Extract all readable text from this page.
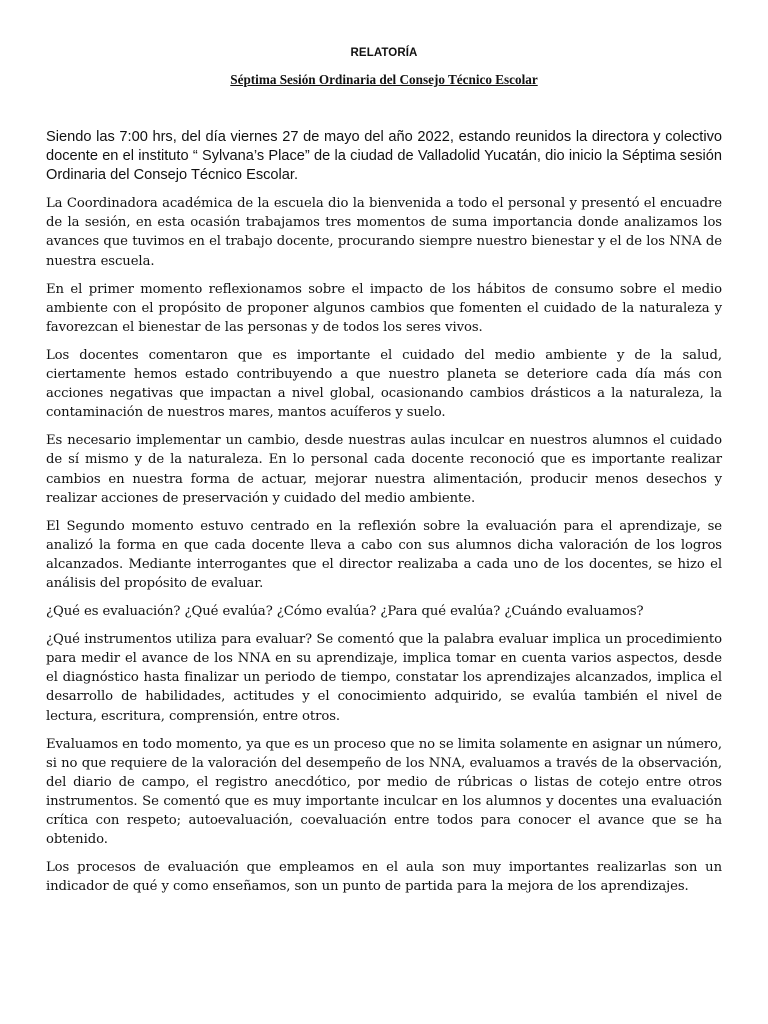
RELATORÍA
Séptima Sesión Ordinaria del Consejo Técnico Escolar

Siendo las 7:00 hrs, del día viernes 27 de mayo del año 2022, estando reunidos la directora y colectivo docente en el instituto “ Sylvana’s Place” de la ciudad de Valladolid Yucatán, dio inicio la Séptima sesión Ordinaria del Consejo Técnico Escolar.

La Coordinadora académica de la escuela dio la bienvenida a todo el personal y presentó el encuadre de la sesión, en esta ocasión trabajamos tres momentos de suma importancia donde analizamos los avances que tuvimos en el trabajo docente, procurando siempre nuestro bienestar y el de los NNA de nuestra escuela.

En el primer momento reflexionamos sobre el impacto de los hábitos de consumo sobre el medio ambiente con el propósito de proponer algunos cambios que fomenten el cuidado de la naturaleza y favorezcan el bienestar de las personas y de todos los seres vivos.

Los docentes comentaron que es importante el cuidado del medio ambiente y de la salud, ciertamente hemos estado contribuyendo a que nuestro planeta se deteriore cada día más con acciones negativas que impactan a nivel global, ocasionando cambios drásticos a la naturaleza, la contaminación de nuestros mares, mantos acuíferos y suelo.

Es necesario implementar un cambio, desde nuestras aulas inculcar en nuestros alumnos el cuidado de sí mismo y de la naturaleza. En lo personal cada docente reconoció que es importante realizar cambios en nuestra forma de actuar, mejorar nuestra alimentación, producir menos desechos y realizar acciones de preservación y cuidado del medio ambiente.

El Segundo momento estuvo centrado en la reflexión sobre la evaluación para el aprendizaje, se analizó la forma en que cada docente lleva a cabo con sus alumnos dicha valoración de los logros alcanzados. Mediante interrogantes que el director realizaba a cada uno de los docentes, se hizo el análisis del propósito de evaluar.

¿Qué es evaluación? ¿Qué evalúa? ¿Cómo evalúa? ¿Para qué evalúa? ¿Cuándo evaluamos?

¿Qué instrumentos utiliza para evaluar? Se comentó que la palabra evaluar implica un procedimiento para medir el avance de los NNA en su aprendizaje, implica tomar en cuenta varios aspectos, desde el diagnóstico hasta finalizar un periodo de tiempo, constatar los aprendizajes alcanzados, implica el desarrollo de habilidades, actitudes y el conocimiento adquirido, se evalúa también el nivel de lectura, escritura, comprensión, entre otros.

Evaluamos en todo momento, ya que es un proceso que no se limita solamente en asignar un número, si no que requiere de la valoración del desempeño de los NNA, evaluamos a través de la observación, del diario de campo, el registro anecdótico, por medio de rúbricas o listas de cotejo entre otros instrumentos. Se comentó que es muy importante inculcar en los alumnos y docentes una evaluación crítica con respeto; autoevaluación, coevaluación entre todos para conocer el avance que se ha obtenido.

Los procesos de evaluación que empleamos en el aula son muy importantes realizarlas son un indicador de qué y como enseñamos, son un punto de partida para la mejora de los aprendizajes.
